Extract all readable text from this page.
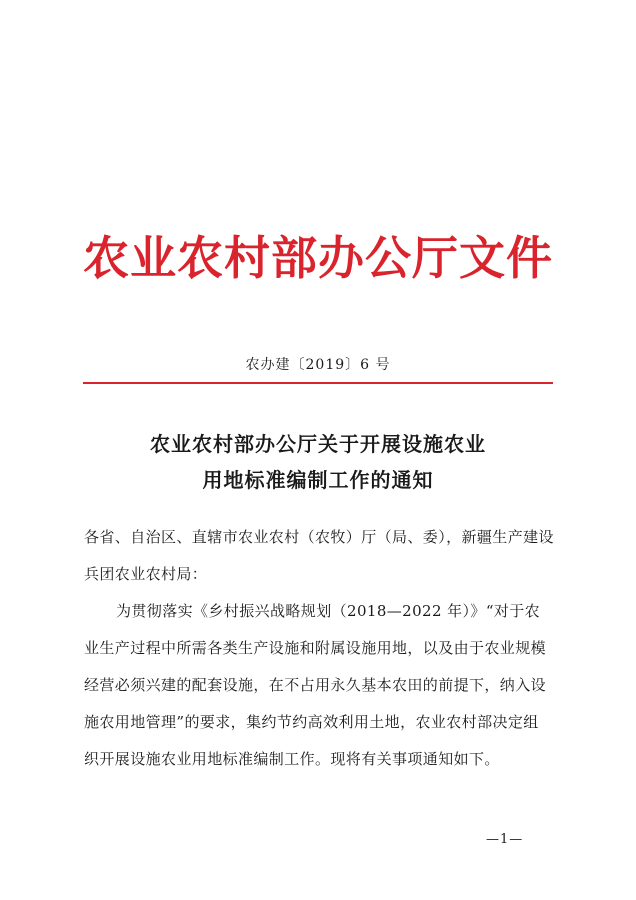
农业农村部办公厅文件
农办建〔2019〕6 号
农业农村部办公厅关于开展设施农业
用地标准编制工作的通知

各省、自治区、直辖市农业农村（农牧）厅（局、委），新疆生产建设兵团农业农村局：

为贯彻落实《乡村振兴战略规划（2018—2022 年）》“对于农业生产过程中所需各类生产设施和附属设施用地，以及由于农业规模经营必须兴建的配套设施，在不占用永久基本农田的前提下，纳入设施农用地管理”的要求，集约节约高效利用土地，农业农村部决定组织开展设施农业用地标准编制工作。现将有关事项通知如下。

—1—
